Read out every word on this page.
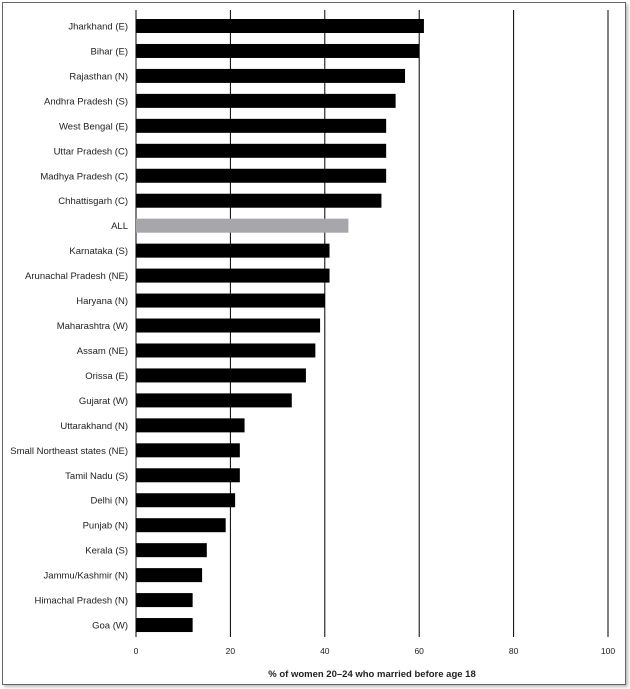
Jharkhand (E)
Bihar (E)
Rajasthan (N)
Andhra Pradesh (S)
West Bengal (E)
Uttar Pradesh (C)
Madhya Pradesh (C)
Chhattisgarh (C)
ALL
Karnataka (S)
Arunachal Pradesh (NE)
Haryana (N)
Maharashtra (W)
Assam (NE)
Orissa (E)
Gujarat (W)
Uttarakhand (N)
Small Northeast states (NE)
Tamil Nadu (S)
Delhi (N)
Punjab (N)
Kerala (S)
Jammu/Kashmir (N)
Himachal Pradesh (N)
Goa (W)
0	20	40	60	80	100
% of women 20–24 who married before age 18
